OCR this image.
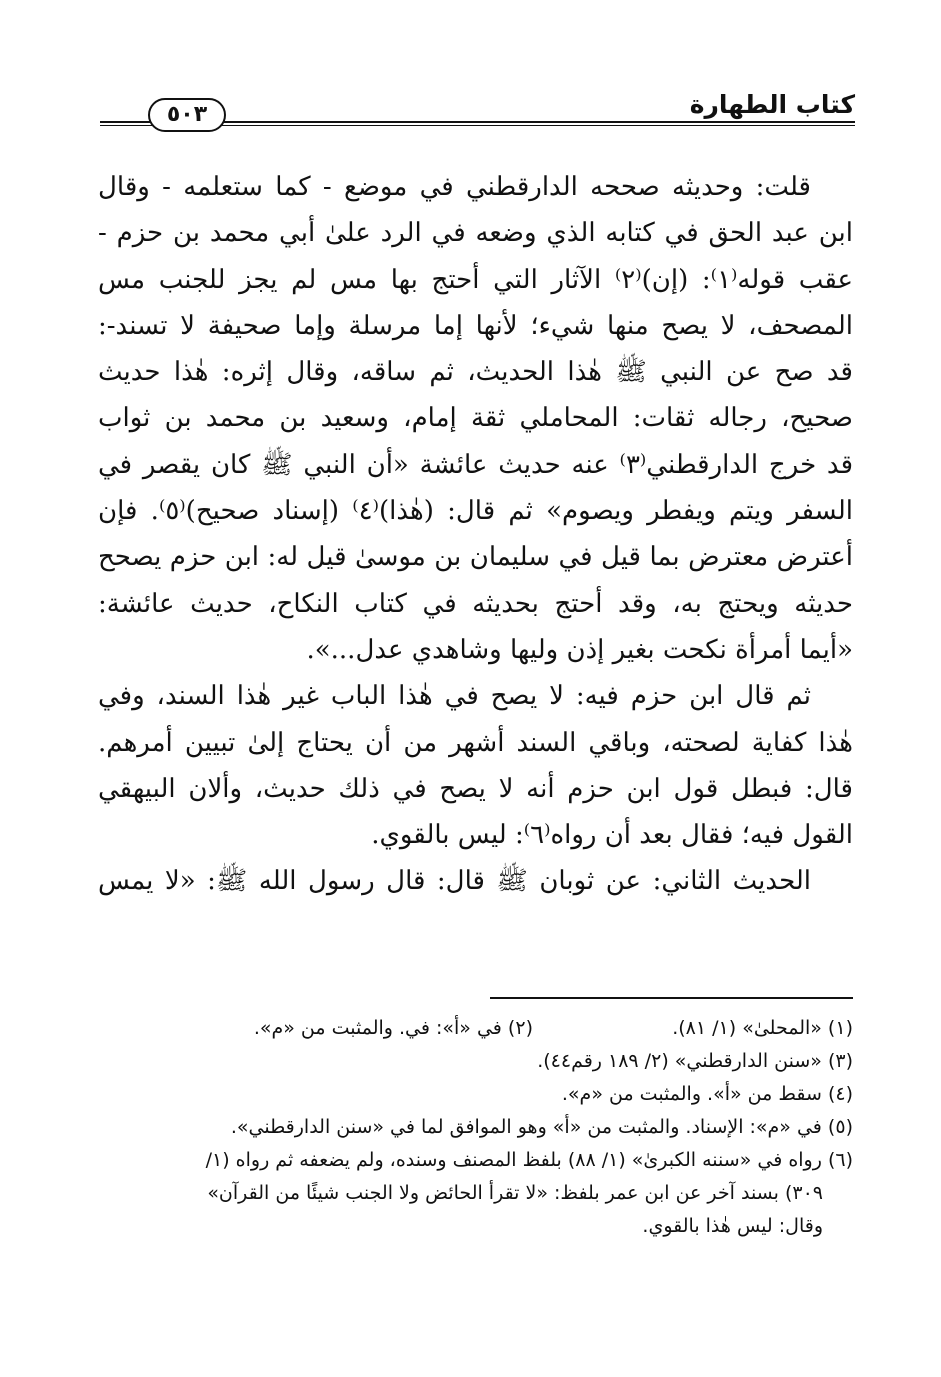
كتاب الطهارة
٥٠٣
قلت: وحديثه صححه الدارقطني في موضع - كما ستعلمه - وقال
ابن عبد الحق في كتابه الذي وضعه في الرد علىٰ أبي محمد بن حزم -
عقب قوله⁽١⁾: (إن)⁽٢⁾ الآثار التي أحتج بها مس لم يجز للجنب مس
المصحف، لا يصح منها شيء؛ لأنها إما مرسلة وإما صحيفة لا تسند-:
قد صح عن النبي ﷺ هٰذا الحديث، ثم ساقه، وقال إثره: هٰذا حديث
صحيح، رجاله ثقات: المحاملي ثقة إمام، وسعيد بن محمد بن ثواب
قد خرج الدارقطني⁽٣⁾ عنه حديث عائشة «أن النبي ﷺ كان يقصر في
السفر ويتم ويفطر ويصوم» ثم قال: (هٰذا)⁽٤⁾ (إسناد صحيح)⁽٥⁾. فإن
أعترض معترض بما قيل في سليمان بن موسىٰ قيل له: ابن حزم يصحح
حديثه ويحتج به، وقد أحتج بحديثه في كتاب النكاح، حديث عائشة:
«أيما أمرأة نكحت بغير إذن وليها وشاهدي عدل...».
ثم قال ابن حزم فيه: لا يصح في هٰذا الباب غير هٰذا السند، وفي
هٰذا كفاية لصحته، وباقي السند أشهر من أن يحتاج إلىٰ تبيين أمرهم.
قال: فبطل قول ابن حزم أنه لا يصح في ذلك حديث، وألان البيهقي
القول فيه؛ فقال بعد أن رواه⁽٦⁾: ليس بالقوي.
الحديث الثاني: عن ثوبان ﷺ قال: قال رسول الله ﷺ: «لا يمس
(١) «المحلىٰ» (١/ ٨١).
(٢) في «أ»: في. والمثبت من «م».
(٣) «سنن الدارقطني» (٢/ ١٨٩ رقم٤٤).
(٤) سقط من «أ». والمثبت من «م».
(٥) في «م»: الإسناد. والمثبت من «أ» وهو الموافق لما في «سنن الدارقطني».
(٦) رواه في «سننه الكبرىٰ» (١/ ٨٨) بلفظ المصنف وسنده، ولم يضعفه ثم رواه (١/
٣٠٩) بسند آخر عن ابن عمر بلفظ: «لا تقرأ الحائض ولا الجنب شيئًا من القرآن»
وقال: ليس هٰذا بالقوي.
